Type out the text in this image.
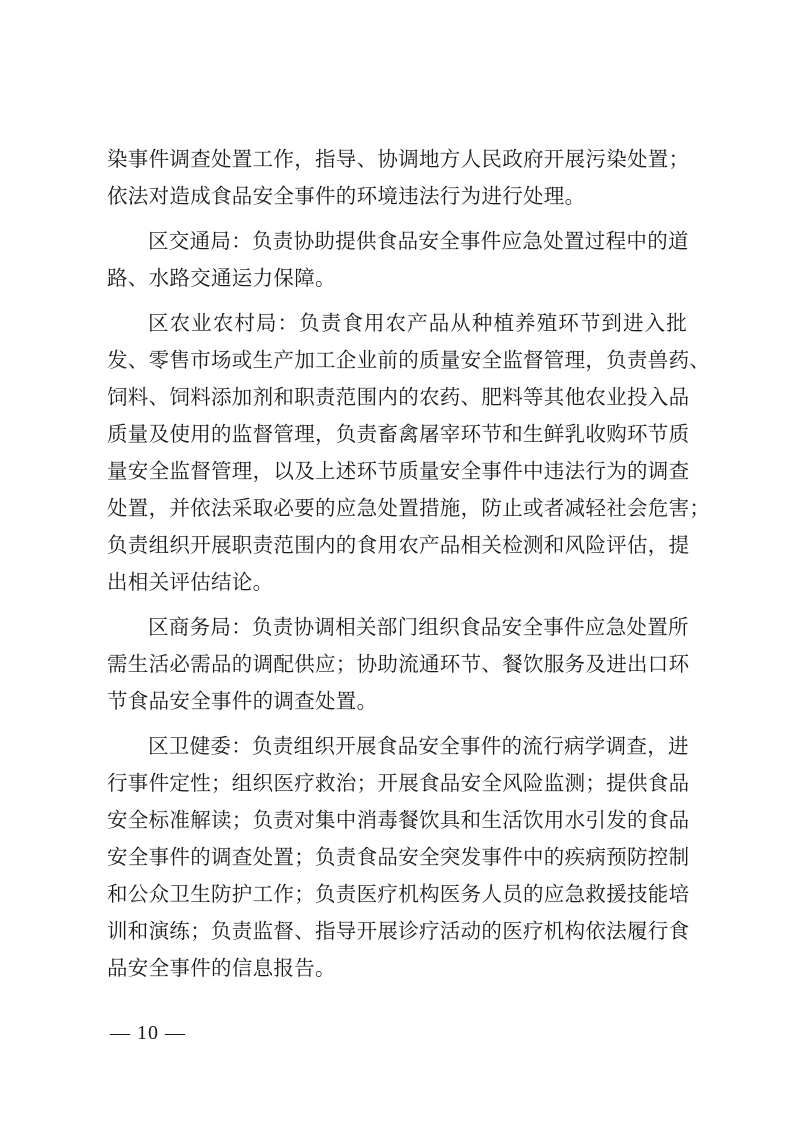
染事件调查处置工作，指导、协调地方人民政府开展污染处置；
依法对造成食品安全事件的环境违法行为进行处理。

区交通局：负责协助提供食品安全事件应急处置过程中的道
路、水路交通运力保障。

区农业农村局：负责食用农产品从种植养殖环节到进入批
发、零售市场或生产加工企业前的质量安全监督管理，负责兽药、
饲料、饲料添加剂和职责范围内的农药、肥料等其他农业投入品
质量及使用的监督管理，负责畜禽屠宰环节和生鲜乳收购环节质
量安全监督管理，以及上述环节质量安全事件中违法行为的调查
处置，并依法采取必要的应急处置措施，防止或者减轻社会危害；
负责组织开展职责范围内的食用农产品相关检测和风险评估，提
出相关评估结论。

区商务局：负责协调相关部门组织食品安全事件应急处置所
需生活必需品的调配供应；协助流通环节、餐饮服务及进出口环
节食品安全事件的调查处置。

区卫健委：负责组织开展食品安全事件的流行病学调查，进
行事件定性；组织医疗救治；开展食品安全风险监测；提供食品
安全标准解读；负责对集中消毒餐饮具和生活饮用水引发的食品
安全事件的调查处置；负责食品安全突发事件中的疾病预防控制
和公众卫生防护工作；负责医疗机构医务人员的应急救援技能培
训和演练；负责监督、指导开展诊疗活动的医疗机构依法履行食
品安全事件的信息报告。

— 10 —
